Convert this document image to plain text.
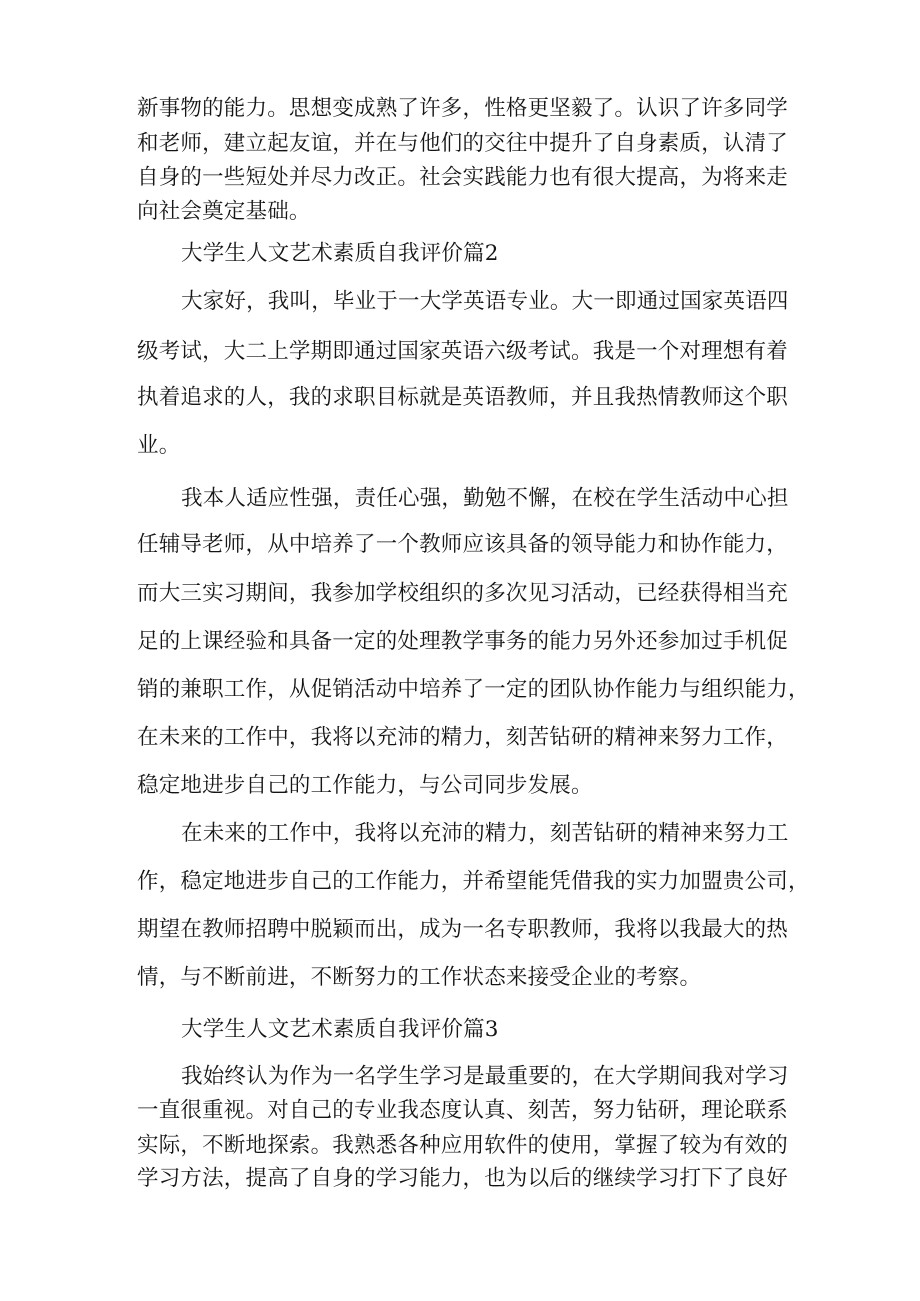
新事物的能力。思想变成熟了许多，性格更坚毅了。认识了许多同学

和老师，建立起友谊，并在与他们的交往中提升了自身素质，认清了

自身的一些短处并尽力改正。社会实践能力也有很大提高，为将来走

向社会奠定基础。

大学生人文艺术素质自我评价篇2

大家好，我叫，毕业于一大学英语专业。大一即通过国家英语四

级考试，大二上学期即通过国家英语六级考试。我是一个对理想有着

执着追求的人，我的求职目标就是英语教师，并且我热情教师这个职

业。

我本人适应性强，责任心强，勤勉不懈，在校在学生活动中心担

任辅导老师，从中培养了一个教师应该具备的领导能力和协作能力，

而大三实习期间，我参加学校组织的多次见习活动，已经获得相当充

足的上课经验和具备一定的处理教学事务的能力另外还参加过手机促

销的兼职工作，从促销活动中培养了一定的团队协作能力与组织能力，

在未来的工作中，我将以充沛的精力，刻苦钻研的精神来努力工作，

稳定地进步自己的工作能力，与公司同步发展。

在未来的工作中，我将以充沛的精力，刻苦钻研的精神来努力工

作，稳定地进步自己的工作能力，并希望能凭借我的实力加盟贵公司，

期望在教师招聘中脱颖而出，成为一名专职教师，我将以我最大的热

情，与不断前进，不断努力的工作状态来接受企业的考察。

大学生人文艺术素质自我评价篇3

我始终认为作为一名学生学习是最重要的，在大学期间我对学习

一直很重视。对自己的专业我态度认真、刻苦，努力钻研，理论联系

实际，不断地探索。我熟悉各种应用软件的使用，掌握了较为有效的

学习方法，提高了自身的学习能力，也为以后的继续学习打下了良好
